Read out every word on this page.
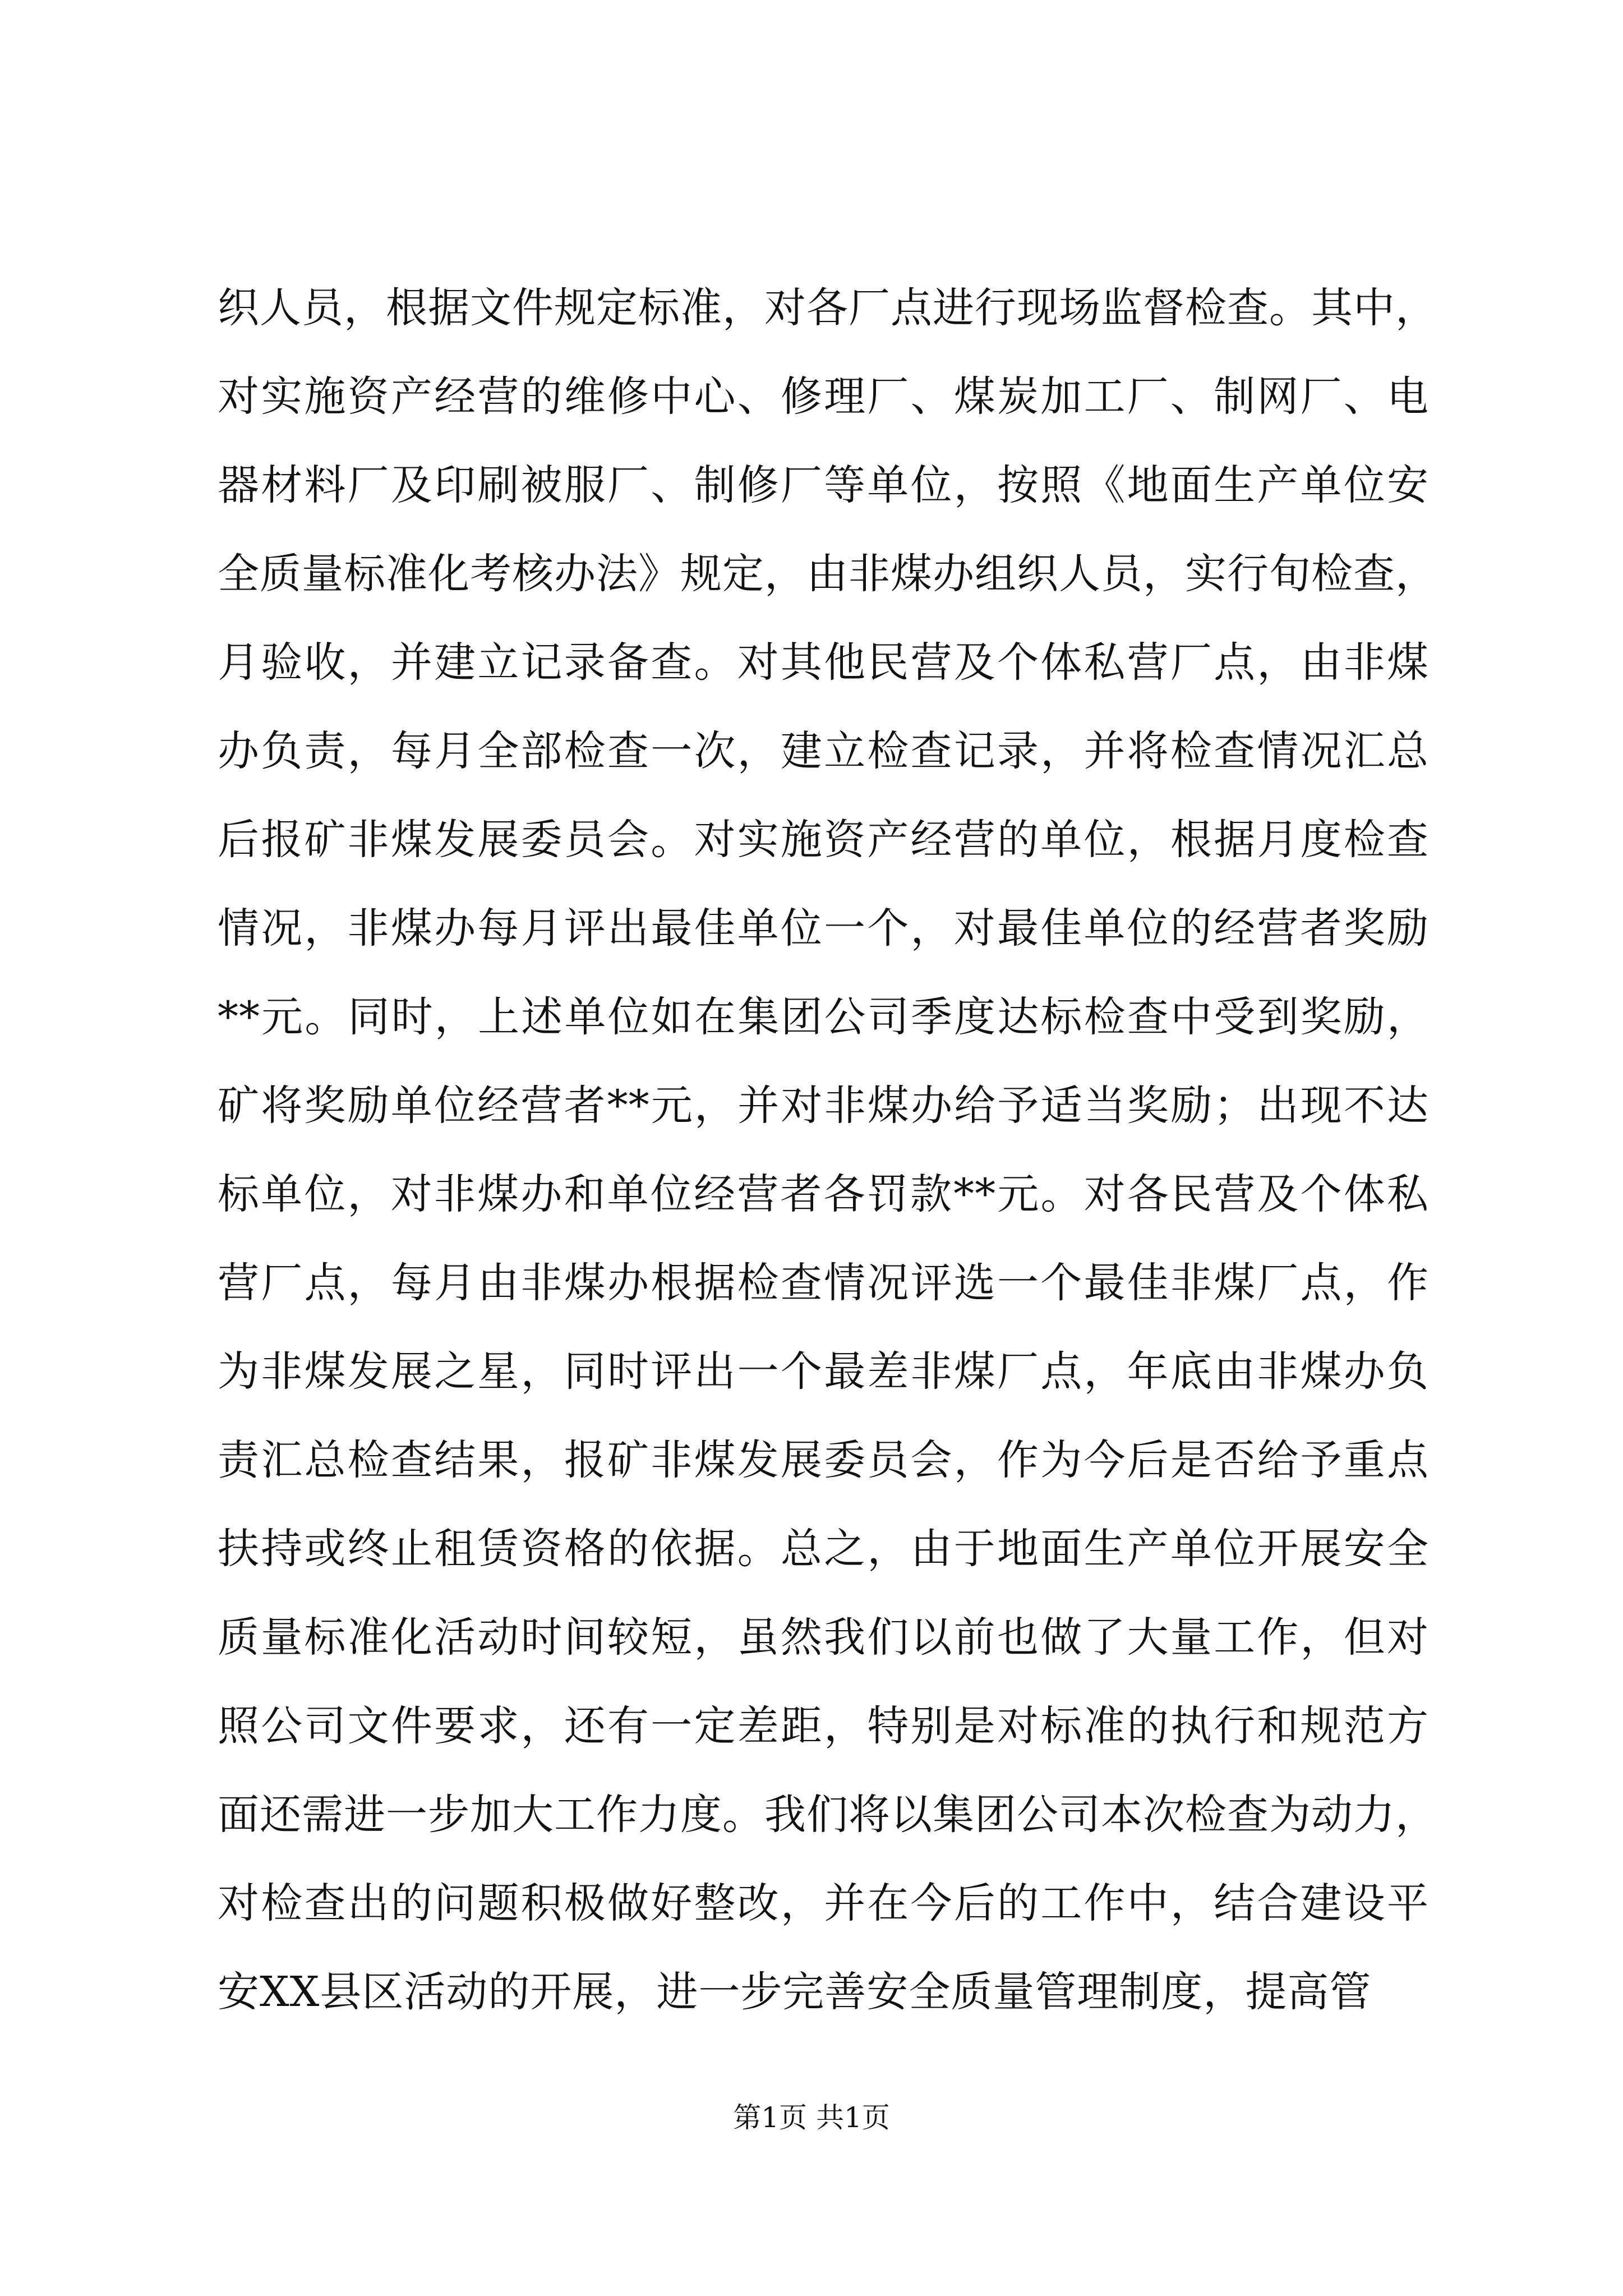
织人员，根据文件规定标准，对各厂点进行现场监督检查。其中，
对实施资产经营的维修中心、修理厂、煤炭加工厂、制网厂、电
器材料厂及印刷被服厂、制修厂等单位，按照《地面生产单位安
全质量标准化考核办法》规定，由非煤办组织人员，实行旬检查，
月验收，并建立记录备查。对其他民营及个体私营厂点，由非煤
办负责，每月全部检查一次，建立检查记录，并将检查情况汇总
后报矿非煤发展委员会。对实施资产经营的单位，根据月度检查
情况，非煤办每月评出最佳单位一个，对最佳单位的经营者奖励
**元。同时，上述单位如在集团公司季度达标检查中受到奖励，
矿将奖励单位经营者**元，并对非煤办给予适当奖励；出现不达
标单位，对非煤办和单位经营者各罚款**元。对各民营及个体私
营厂点，每月由非煤办根据检查情况评选一个最佳非煤厂点，作
为非煤发展之星，同时评出一个最差非煤厂点，年底由非煤办负
责汇总检查结果，报矿非煤发展委员会，作为今后是否给予重点
扶持或终止租赁资格的依据。总之，由于地面生产单位开展安全
质量标准化活动时间较短，虽然我们以前也做了大量工作，但对
照公司文件要求，还有一定差距，特别是对标准的执行和规范方
面还需进一步加大工作力度。我们将以集团公司本次检查为动力，
对检查出的问题积极做好整改，并在今后的工作中，结合建设平
安XX县区活动的开展，进一步完善安全质量管理制度，提高管
第1页 共1页
